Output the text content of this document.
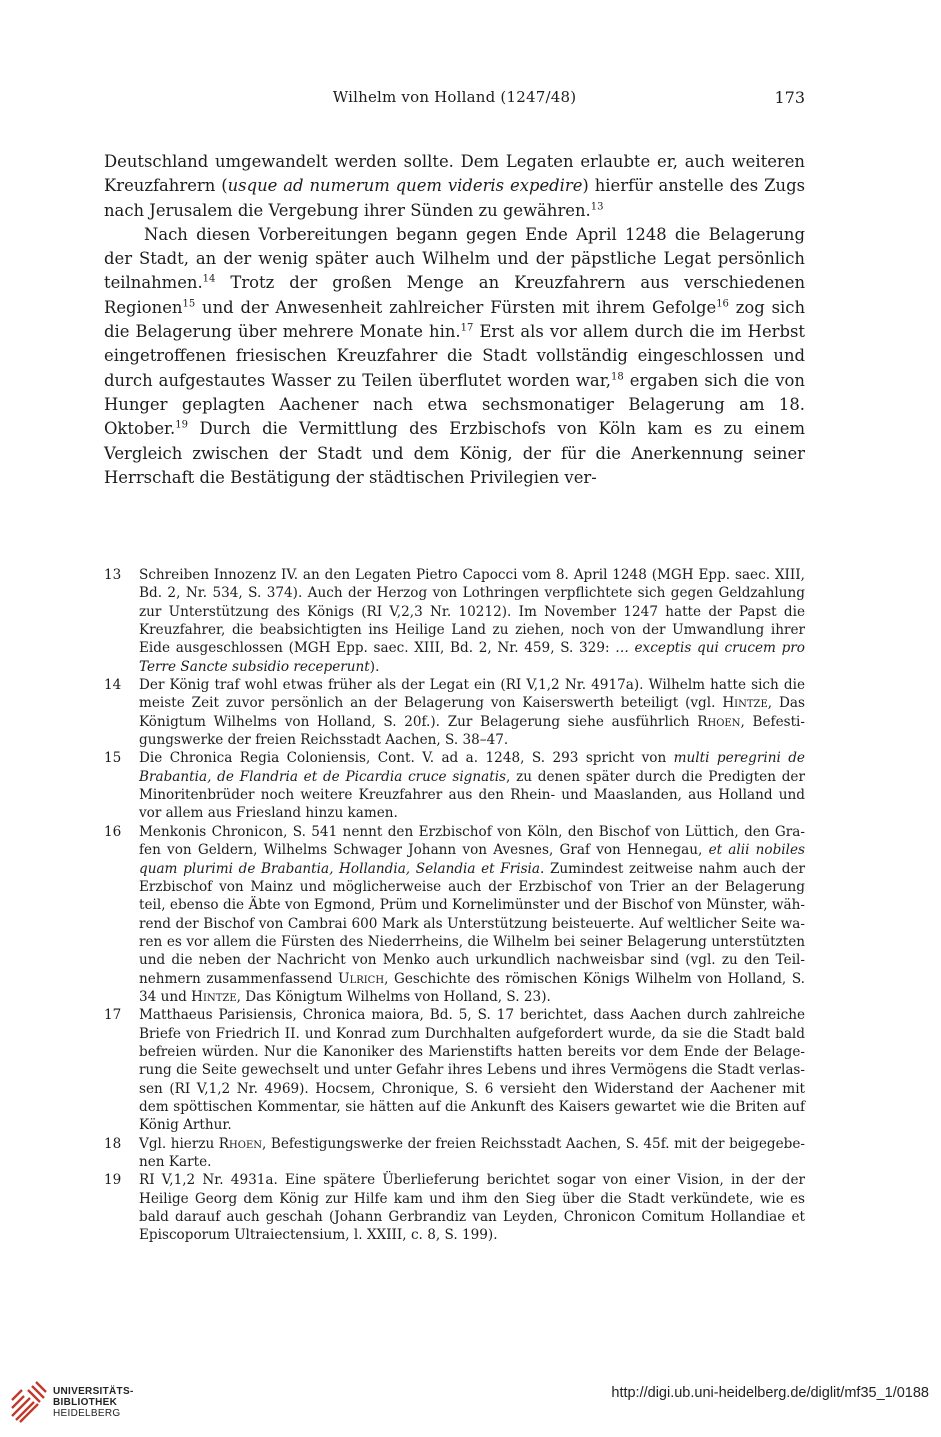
Wilhelm von Holland (1247/48)	173

Deutschland umgewandelt werden sollte. Dem Legaten erlaubte er, auch weiteren Kreuzfahrern (usque ad numerum quem videris expedire) hierfür anstelle des Zugs nach Jerusalem die Vergebung ihrer Sünden zu gewähren.$^{13}$

Nach diesen Vorbereitungen begann gegen Ende April 1248 die Belagerung der Stadt, an der wenig später auch Wilhelm und der päpstliche Legat persönlich teilnahmen.$^{14}$ Trotz der großen Menge an Kreuzfahrern aus verschiedenen Regionen$^{15}$ und der Anwesenheit zahlreicher Fürsten mit ihrem Gefolge$^{16}$ zog sich die Belagerung über mehrere Monate hin.$^{17}$ Erst als vor allem durch die im Herbst eingetroffenen friesischen Kreuzfahrer die Stadt vollständig eingeschlossen und durch aufgestautes Wasser zu Teilen überflutet worden war,$^{18}$ ergaben sich die von Hunger geplagten Aachener nach etwa sechsmonatiger Belagerung am 18. Oktober.$^{19}$ Durch die Vermittlung des Erzbischofs von Köln kam es zu einem Vergleich zwischen der Stadt und dem König, der für die Anerkennung seiner Herrschaft die Bestätigung der städtischen Privilegien ver-

13 Schreiben Innozenz IV. an den Legaten Pietro Capocci vom 8. April 1248 (MGH Epp. saec. XIII, Bd. 2, Nr. 534, S. 374). Auch der Herzog von Lothringen verpflichtete sich gegen Geldzahlung zur Unterstützung des Königs (RI V,2,3 Nr. 10212). Im November 1247 hatte der Papst die Kreuzfahrer, die beabsichtigten ins Heilige Land zu ziehen, noch von der Umwandlung ihrer Eide ausgeschlossen (MGH Epp. saec. XIII, Bd. 2, Nr. 459, S. 329: … exceptis qui crucem pro Terre Sancte subsidio receperunt).

14 Der König traf wohl etwas früher als der Legat ein (RI V,1,2 Nr. 4917a). Wilhelm hatte sich die meiste Zeit zuvor persönlich an der Belagerung von Kaiserswerth beteiligt (vgl. Hintze, Das Königtum Wilhelms von Holland, S. 20f.). Zur Belagerung siehe ausführlich Rhoen, Befestigungswerke der freien Reichsstadt Aachen, S. 38–47.

15 Die Chronica Regia Coloniensis, Cont. V. ad a. 1248, S. 293 spricht von multi peregrini de Brabantia, de Flandria et de Picardia cruce signatis, zu denen später durch die Predigten der Minoritenbrüder noch weitere Kreuzfahrer aus den Rhein- und Maaslanden, aus Holland und vor allem aus Friesland hinzu kamen.

16 Menkonis Chronicon, S. 541 nennt den Erzbischof von Köln, den Bischof von Lüttich, den Grafen von Geldern, Wilhelms Schwager Johann von Avesnes, Graf von Hennegau, et alii nobiles quam plurimi de Brabantia, Hollandia, Selandia et Frisia. Zumindest zeitweise nahm auch der Erzbischof von Mainz und möglicherweise auch der Erzbischof von Trier an der Belagerung teil, ebenso die Äbte von Egmond, Prüm und Kornelimünster und der Bischof von Münster, während der Bischof von Cambrai 600 Mark als Unterstützung beisteuerte. Auf weltlicher Seite waren es vor allem die Fürsten des Niederrheins, die Wilhelm bei seiner Belagerung unterstützten und die neben der Nachricht von Menko auch urkundlich nachweisbar sind (vgl. zu den Teilnehmern zusammenfassend Ulrich, Geschichte des römischen Königs Wilhelm von Holland, S. 34 und Hintze, Das Königtum Wilhelms von Holland, S. 23).

17 Matthaeus Parisiensis, Chronica maiora, Bd. 5, S. 17 berichtet, dass Aachen durch zahlreiche Briefe von Friedrich II. und Konrad zum Durchhalten aufgefordert wurde, da sie die Stadt bald befreien würden. Nur die Kanoniker des Marienstifts hatten bereits vor dem Ende der Belagerung die Seite gewechselt und unter Gefahr ihres Lebens und ihres Vermögens die Stadt verlassen (RI V,1,2 Nr. 4969). Hocsem, Chronique, S. 6 versieht den Widerstand der Aachener mit dem spöttischen Kommentar, sie hätten auf die Ankunft des Kaisers gewartet wie die Briten auf König Arthur.

18 Vgl. hierzu Rhoen, Befestigungswerke der freien Reichsstadt Aachen, S. 45f. mit der beigegebenen Karte.

19 RI V,1,2 Nr. 4931a. Eine spätere Überlieferung berichtet sogar von einer Vision, in der der Heilige Georg dem König zur Hilfe kam und ihm den Sieg über die Stadt verkündete, wie es bald darauf auch geschah (Johann Gerbrandiz van Leyden, Chronicon Comitum Hollandiae et Episcoporum Ultraiectensium, l. XXIII, c. 8, S. 199).

UNIVERSITÄTS-
BIBLIOTHEK
HEIDELBERG
http://digi.ub.uni-heidelberg.de/diglit/mf35_1/0188
